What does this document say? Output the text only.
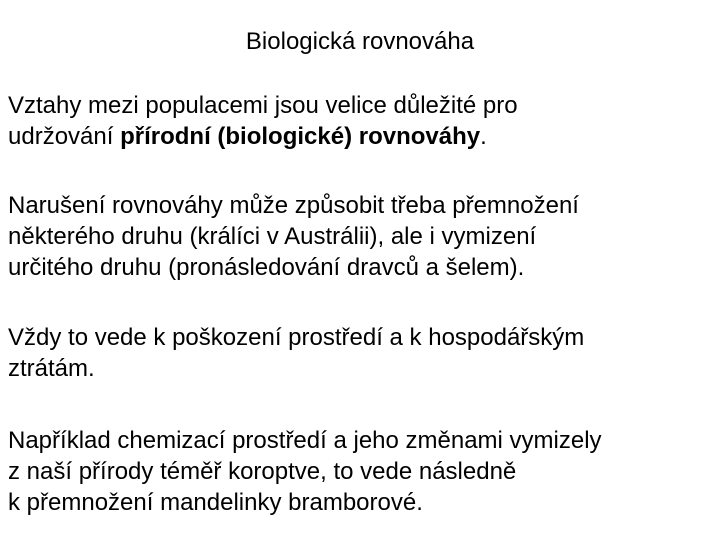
Biologická rovnováha

Vztahy mezi populacemi jsou velice důležité pro
udržování přírodní (biologické) rovnováhy.

Narušení rovnováhy může způsobit třeba přemnožení
některého druhu (králíci v Austrálii), ale i vymizení
určitého druhu (pronásledování dravců a šelem).

Vždy to vede k poškození prostředí a k hospodářským
ztrátám.

Například chemizací prostředí a jeho změnami vymizely
z naší přírody téměř koroptve, to vede následně
k přemnožení mandelinky bramborové.
